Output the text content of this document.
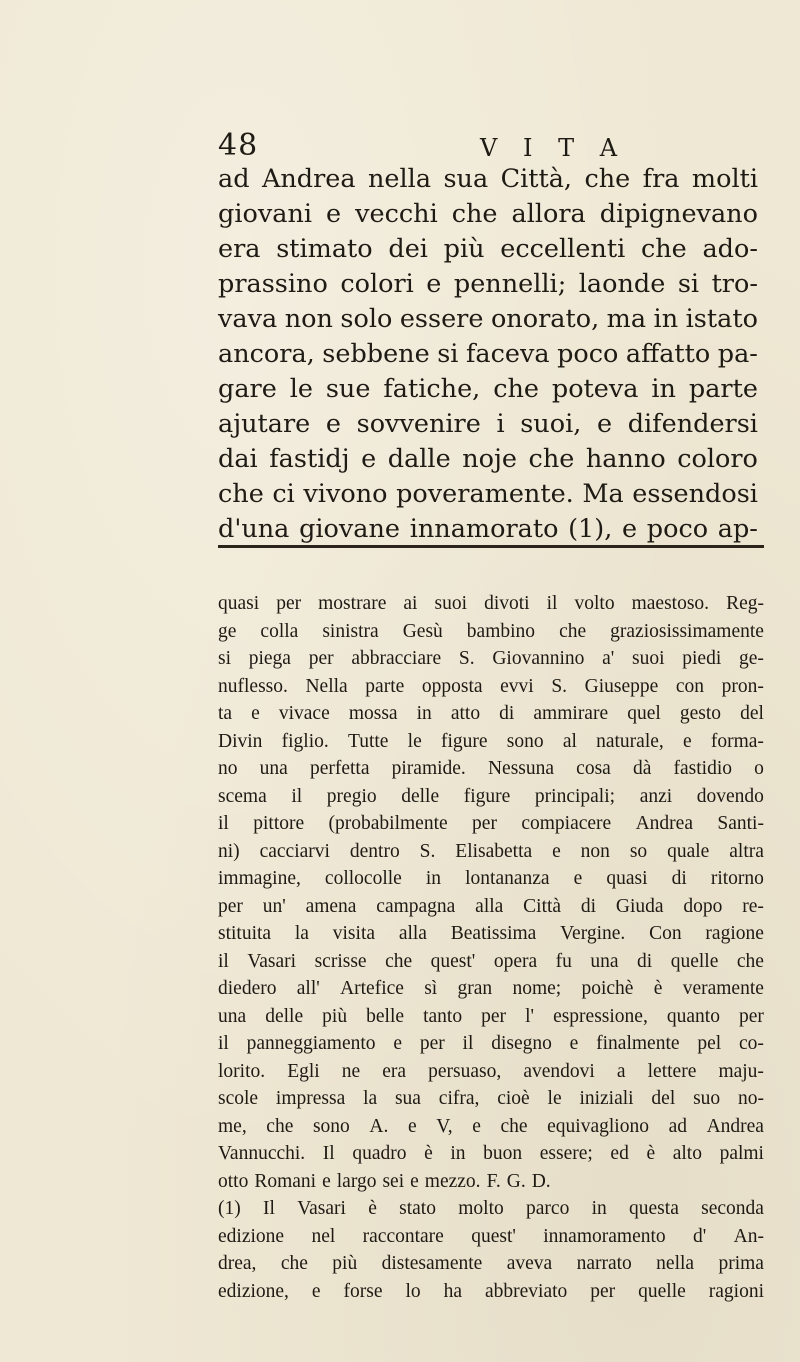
48	V I T A
ad Andrea nella sua Città, che fra molti
giovani e vecchi che allora dipignevano
era stimato dei più eccellenti che ado-
prassino colori e pennelli; laonde si tro-
vava non solo essere onorato, ma in istato
ancora, sebbene si faceva poco affatto pa-
gare le sue fatiche, che poteva in parte
ajutare e sovvenire i suoi, e difendersi
dai fastidj e dalle noje che hanno coloro
che ci vivono poveramente. Ma essendosi
d'una giovane innamorato (1), e poco ap-
quasi per mostrare ai suoi divoti il volto maestoso. Reg-
ge colla sinistra Gesù bambino che graziosissimamente
si piega per abbracciare S. Giovannino a' suoi piedi ge-
nuflesso. Nella parte opposta evvi S. Giuseppe con pron-
ta e vivace mossa in atto di ammirare quel gesto del
Divin figlio. Tutte le figure sono al naturale, e forma-
no una perfetta piramide. Nessuna cosa dà fastidio o
scema il pregio delle figure principali; anzi dovendo
il pittore (probabilmente per compiacere Andrea Santi-
ni) cacciarvi dentro S. Elisabetta e non so quale altra
immagine, collocolle in lontananza e quasi di ritorno
per un' amena campagna alla Città di Giuda dopo re-
stituita la visita alla Beatissima Vergine. Con ragione
il Vasari scrisse che quest' opera fu una di quelle che
diedero all' Artefice sì gran nome; poichè è veramente
una delle più belle tanto per l' espressione, quanto per
il panneggiamento e per il disegno e finalmente pel co-
lorito. Egli ne era persuaso, avendovi a lettere maju-
scole impressa la sua cifra, cioè le iniziali del suo no-
me, che sono A. e V, e che equivagliono ad Andrea
Vannucchi. Il quadro è in buon essere; ed è alto palmi
otto Romani e largo sei e mezzo. F. G. D.
(1) Il Vasari è stato molto parco in questa seconda
edizione nel raccontare quest' innamoramento d' An-
drea, che più distesamente aveva narrato nella prima
edizione, e forse lo ha abbreviato per quelle ragioni
